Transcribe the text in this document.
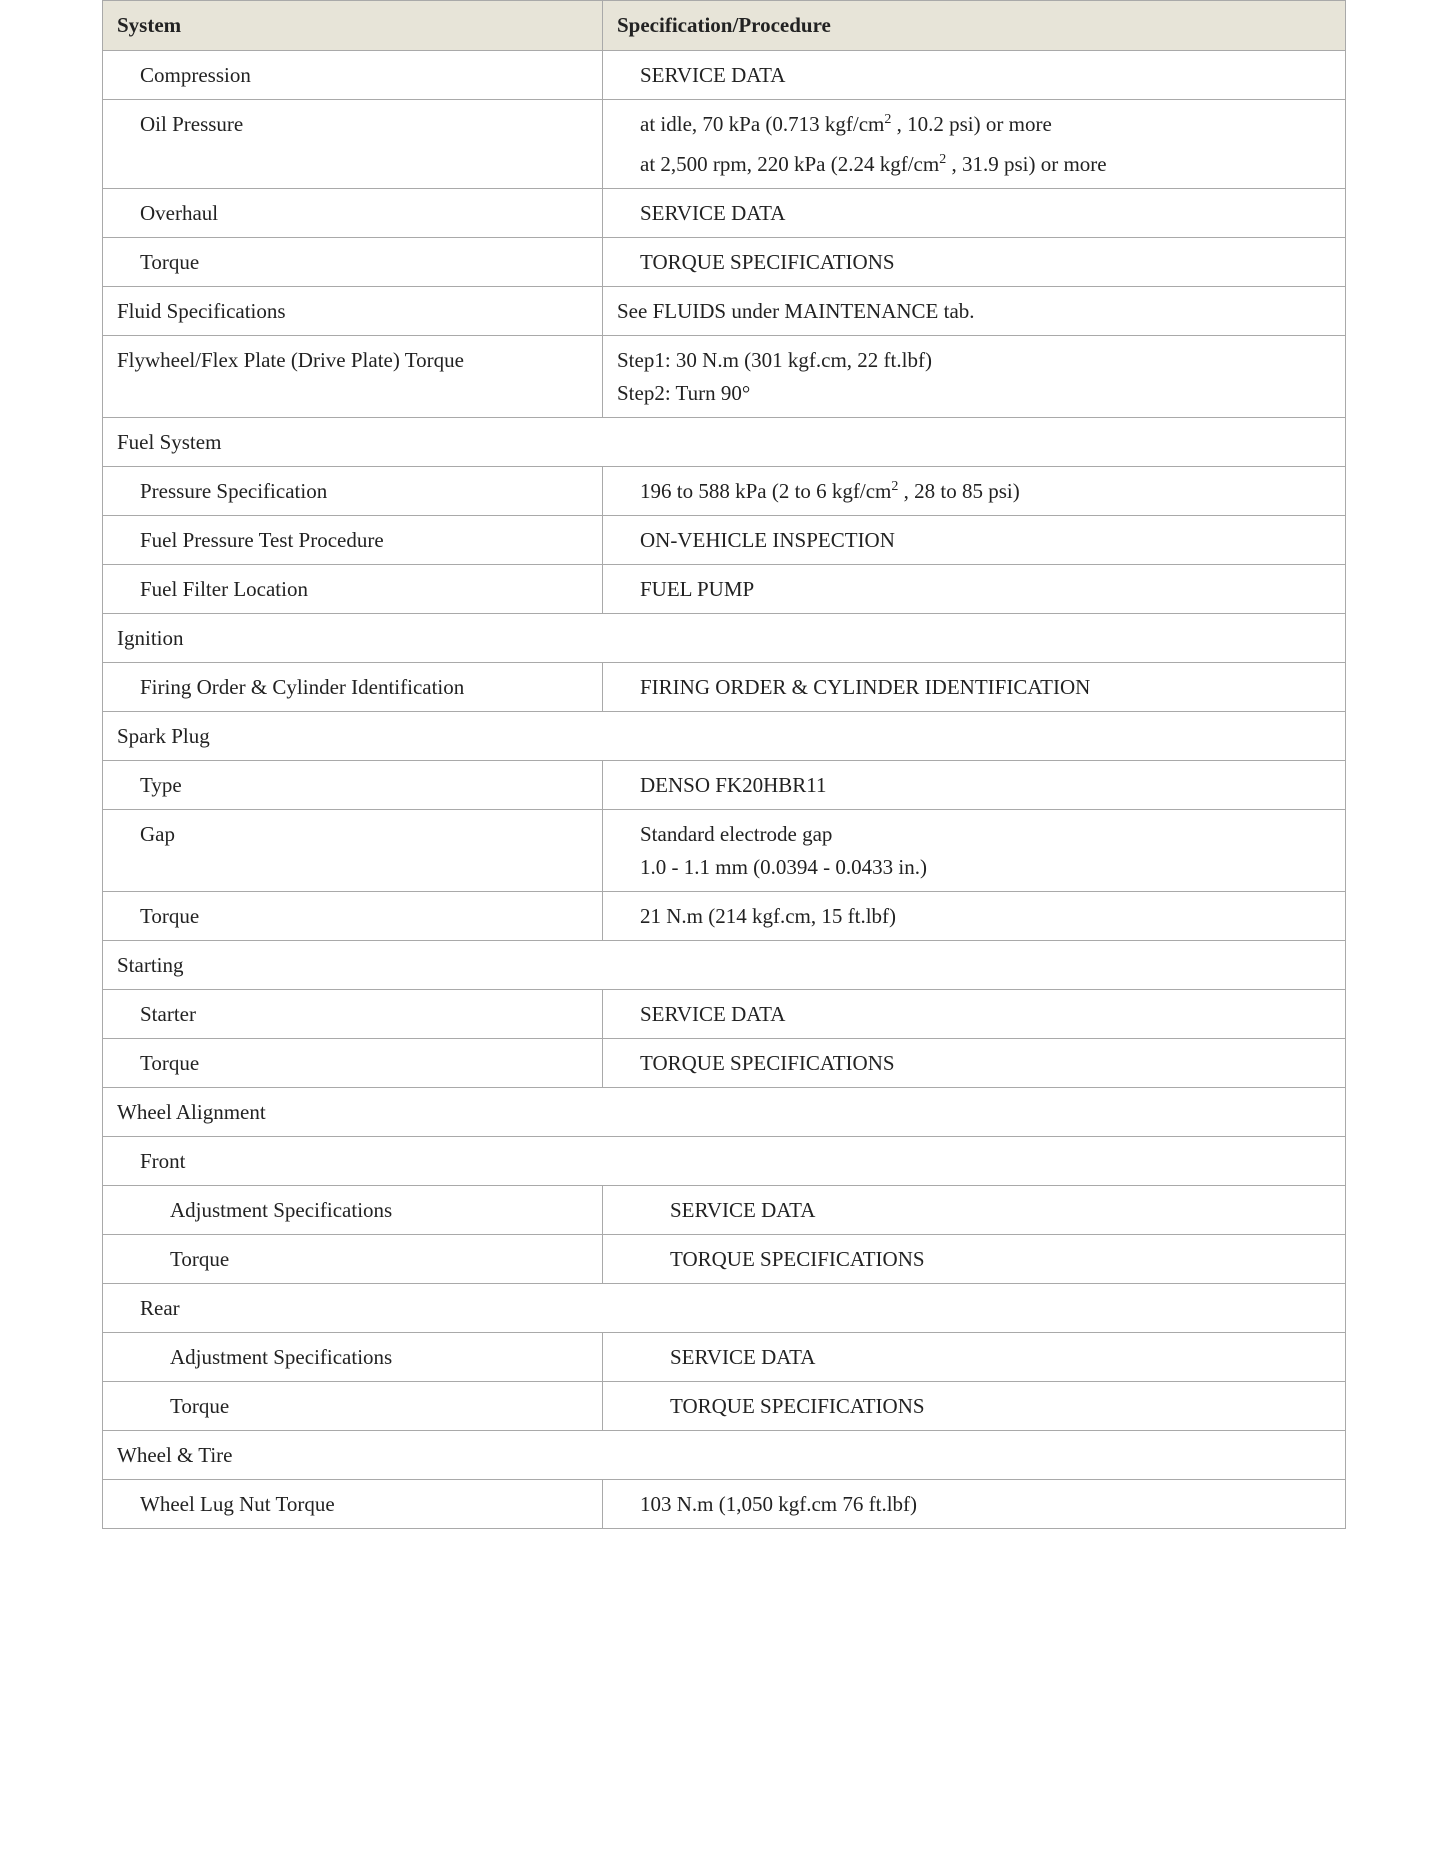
System	Specification/Procedure
Compression	SERVICE DATA

Oil Pressure	at idle, 70 kPa (0.713 kgf/$cm^2$ , 10.2 psi) or more
at 2,500 rpm, 220 kPa (2.24 kgf/$cm^2$ , 31.9 psi) or more

Overhaul	SERVICE DATA

Torque	TORQUE SPECIFICATIONS

Fluid Specifications	See FLUIDS under MAINTENANCE tab.

Flywheel/Flex Plate (Drive Plate) Torque	Step1: 30 N.m (301 kgf.cm, 22 ft.lbf)
Step2: Turn 90°

Fuel System	
Pressure Specification	196 to 588 kPa (2 to 6 kgf/$cm^2$ , 28 to 85 psi)

Fuel Pressure Test Procedure	ON-VEHICLE INSPECTION

Fuel Filter Location	FUEL PUMP

Ignition	
Firing Order & Cylinder Identification	FIRING ORDER & CYLINDER IDENTIFICATION

Spark Plug	
Type	DENSO FK20HBR11

Gap	Standard electrode gap
1.0 - 1.1 mm (0.0394 - 0.0433 in.)

Torque	21 N.m (214 kgf.cm, 15 ft.lbf)

Starting	
Starter	SERVICE DATA

Torque	TORQUE SPECIFICATIONS

Wheel Alignment	
Front	
Adjustment Specifications	SERVICE DATA

Torque	TORQUE SPECIFICATIONS

Rear	
Adjustment Specifications	SERVICE DATA

Torque	TORQUE SPECIFICATIONS

Wheel & Tire	
Wheel Lug Nut Torque	103 N.m (1,050 kgf.cm 76 ft.lbf)
